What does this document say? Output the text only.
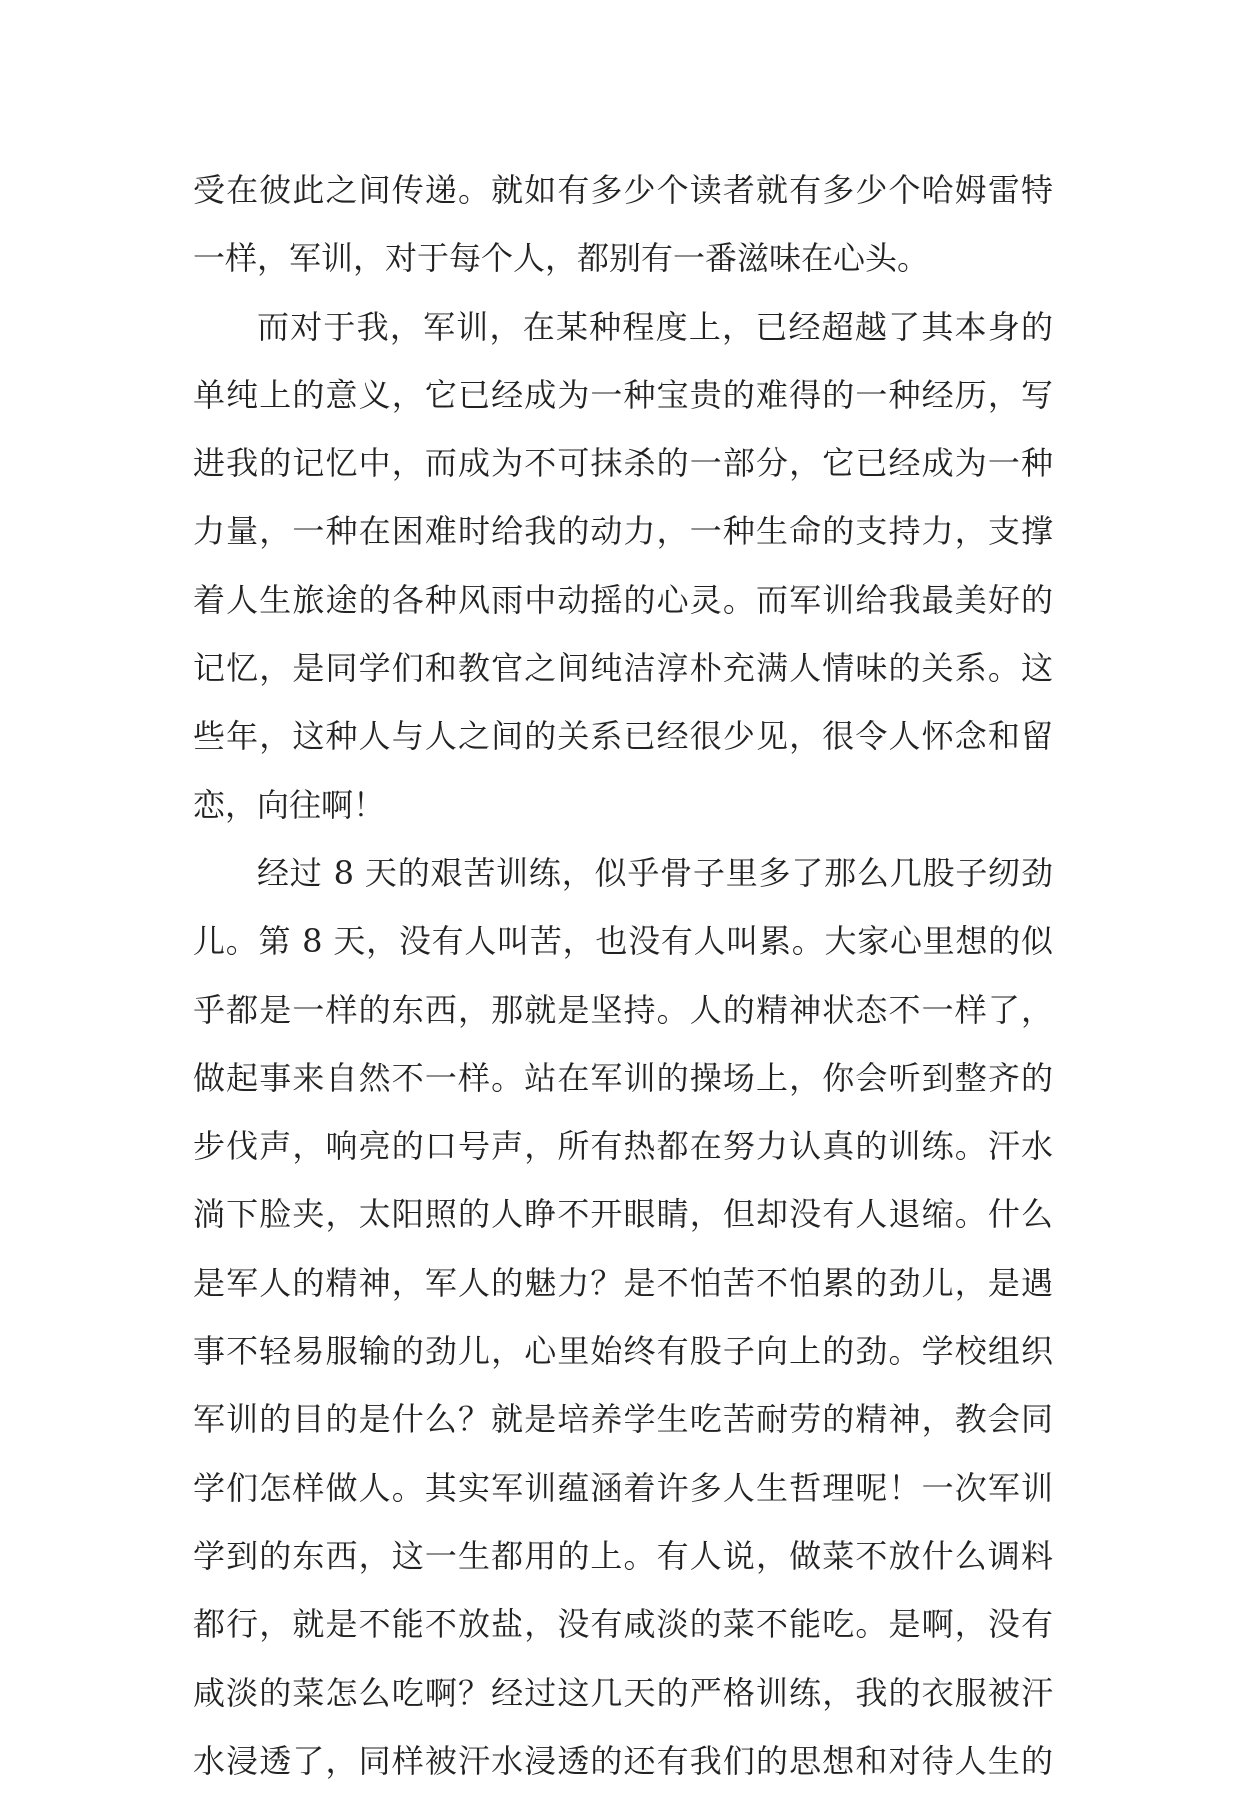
受在彼此之间传递。就如有多少个读者就有多少个哈姆雷特
一样，军训，对于每个人，都别有一番滋味在心头。
而对于我，军训，在某种程度上，已经超越了其本身的
单纯上的意义，它已经成为一种宝贵的难得的一种经历，写
进我的记忆中，而成为不可抹杀的一部分，它已经成为一种
力量，一种在困难时给我的动力，一种生命的支持力，支撑
着人生旅途的各种风雨中动摇的心灵。而军训给我最美好的
记忆，是同学们和教官之间纯洁淳朴充满人情味的关系。这
些年，这种人与人之间的关系已经很少见，很令人怀念和留
恋，向往啊！
经过 8 天的艰苦训练，似乎骨子里多了那么几股子纫劲
儿。第 8 天，没有人叫苦，也没有人叫累。大家心里想的似
乎都是一样的东西，那就是坚持。人的精神状态不一样了，
做起事来自然不一样。站在军训的操场上，你会听到整齐的
步伐声，响亮的口号声，所有热都在努力认真的训练。汗水
淌下脸夹，太阳照的人睁不开眼睛，但却没有人退缩。什么
是军人的精神，军人的魅力？是不怕苦不怕累的劲儿，是遇
事不轻易服输的劲儿，心里始终有股子向上的劲。学校组织
军训的目的是什么？就是培养学生吃苦耐劳的精神，教会同
学们怎样做人。其实军训蕴涵着许多人生哲理呢！一次军训
学到的东西，这一生都用的上。有人说，做菜不放什么调料
都行，就是不能不放盐，没有咸淡的菜不能吃。是啊，没有
咸淡的菜怎么吃啊？经过这几天的严格训练，我的衣服被汗
水浸透了，同样被汗水浸透的还有我们的思想和对待人生的
